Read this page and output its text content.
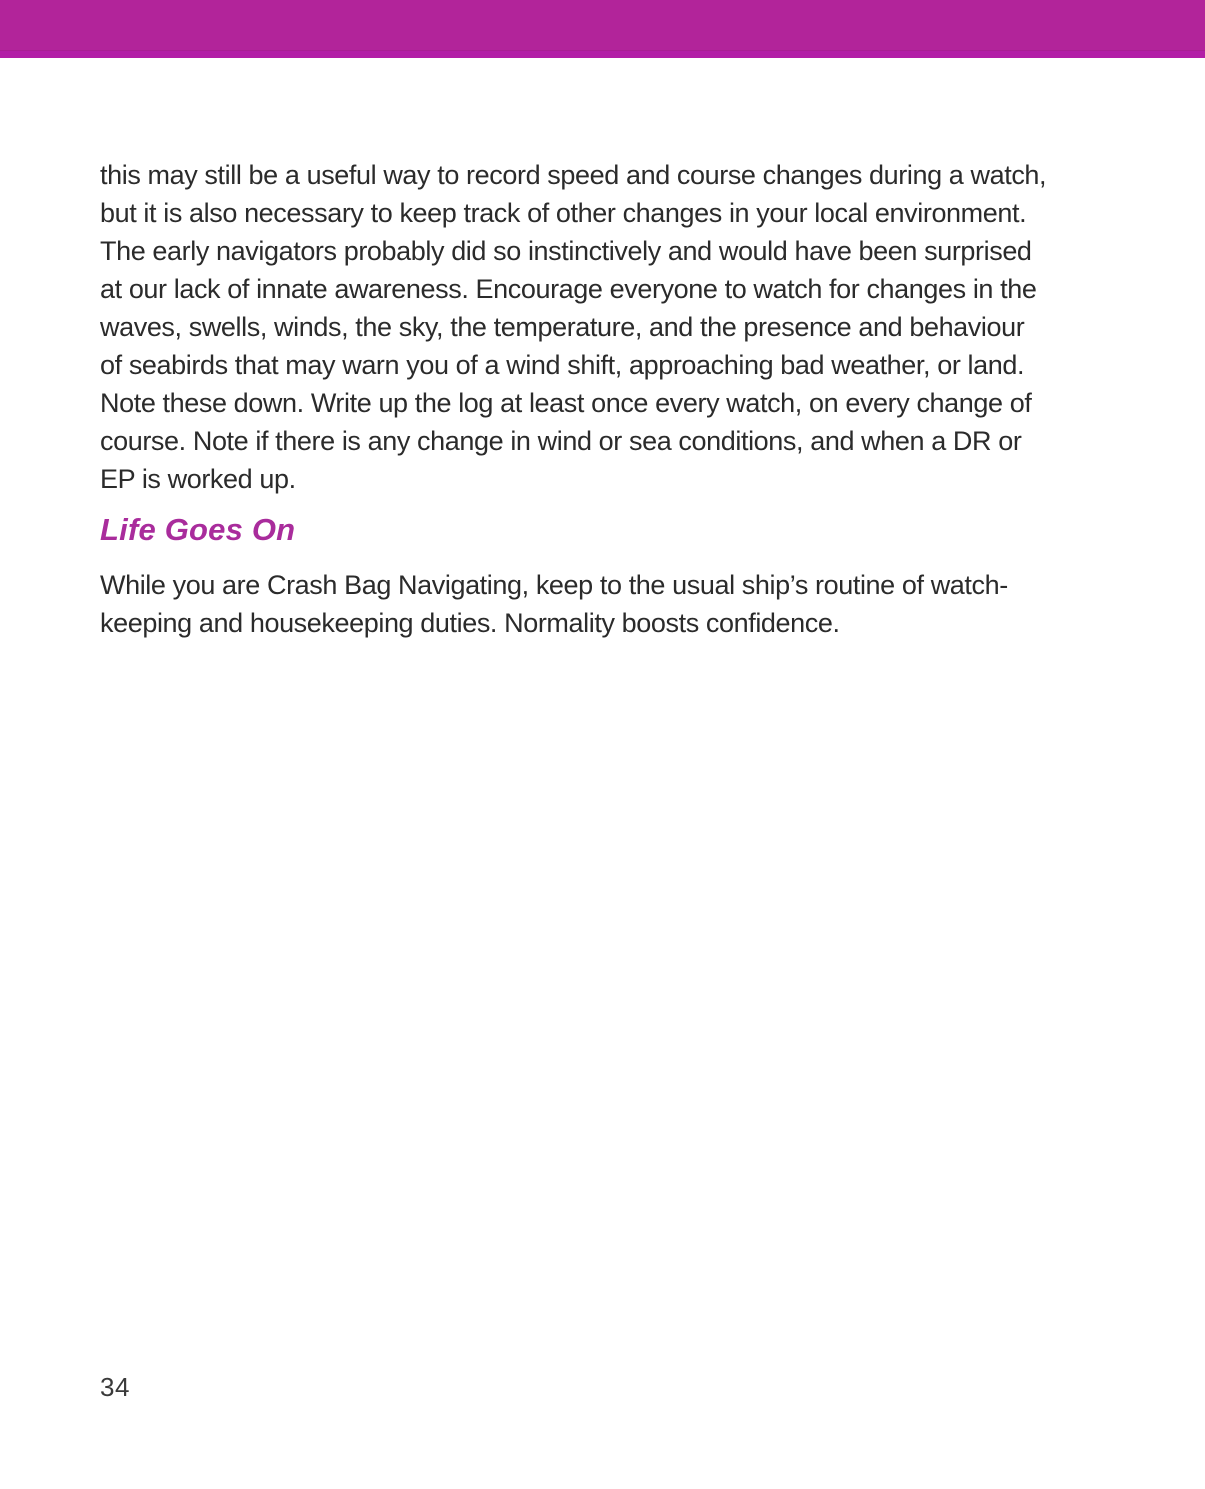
this may still be a useful way to record speed and course changes during a watch, but it is also necessary to keep track of other changes in your local environment. The early navigators probably did so instinctively and would have been surprised at our lack of innate awareness. Encourage everyone to watch for changes in the waves, swells, winds, the sky, the temperature, and the presence and behaviour of seabirds that may warn you of a wind shift, approaching bad weather, or land. Note these down. Write up the log at least once every watch, on every change of course. Note if there is any change in wind or sea conditions, and when a DR or EP is worked up.

Life Goes On

While you are Crash Bag Navigating, keep to the usual ship’s routine of watch-keeping and housekeeping duties. Normality boosts confidence.

34
